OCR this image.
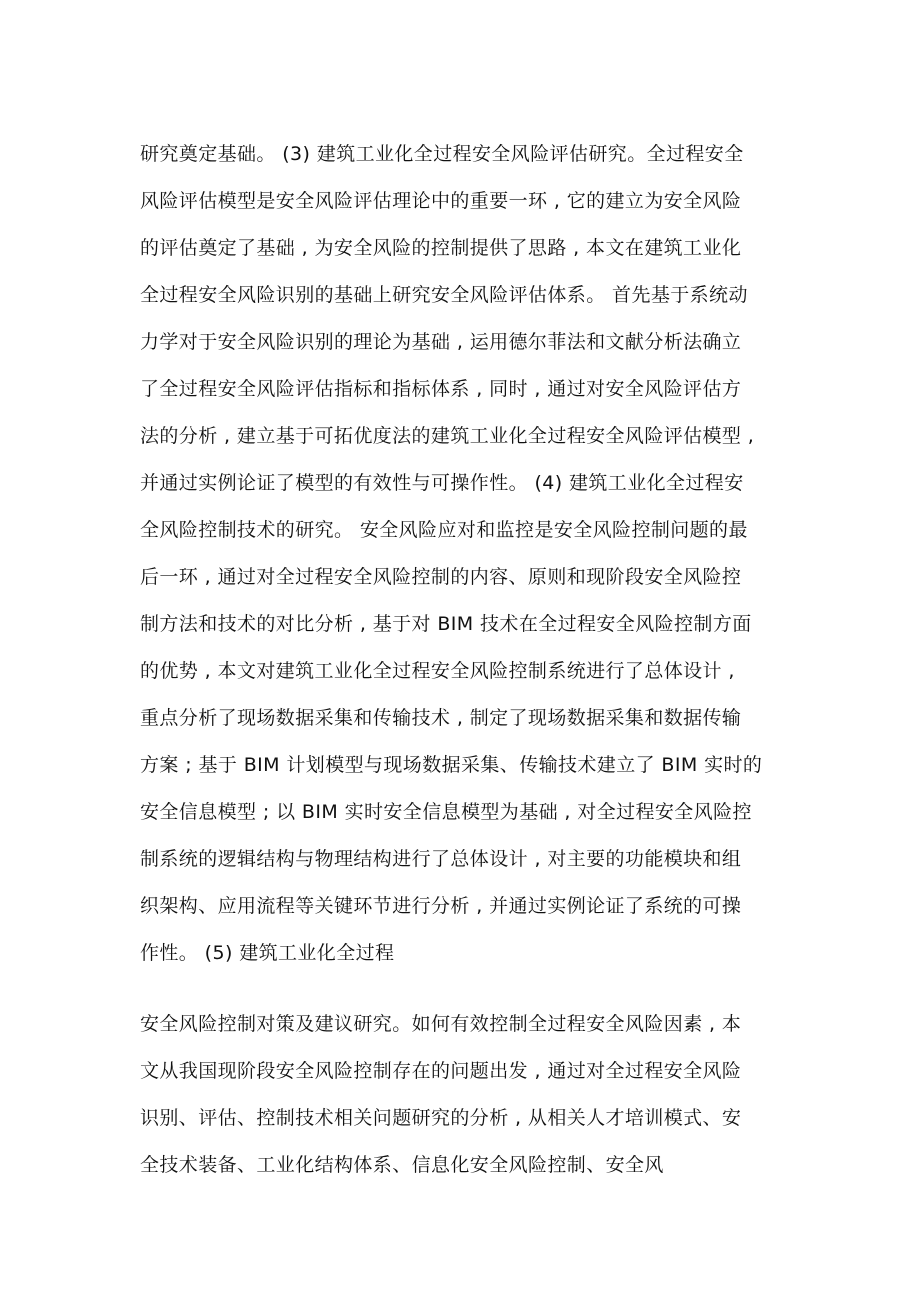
研究奠定基础。 (3) 建筑工业化全过程安全风险评估研究。全过程安全
风险评估模型是安全风险评估理论中的重要一环 , 它的建立为安全风险
的评估奠定了基础 , 为安全风险的控制提供了思路 , 本文在建筑工业化
全过程安全风险识别的基础上研究安全风险评估体系。 首先基于系统动
力学对于安全风险识别的理论为基础 , 运用德尔菲法和文献分析法确立
了全过程安全风险评估指标和指标体系 , 同时 , 通过对安全风险评估方
法的分析 , 建立基于可拓优度法的建筑工业化全过程安全风险评估模型 ,
并通过实例论证了模型的有效性与可操作性。 (4) 建筑工业化全过程安
全风险控制技术的研究。 安全风险应对和监控是安全风险控制问题的最
后一环 , 通过对全过程安全风险控制的内容、原则和现阶段安全风险控
制方法和技术的对比分析 , 基于对 BIM 技术在全过程安全风险控制方面
的优势 , 本文对建筑工业化全过程安全风险控制系统进行了总体设计 ,
重点分析了现场数据采集和传输技术 , 制定了现场数据采集和数据传输
方案 ; 基于 BIM 计划模型与现场数据采集、传输技术建立了 BIM 实时的
安全信息模型 ; 以 BIM 实时安全信息模型为基础 , 对全过程安全风险控
制系统的逻辑结构与物理结构进行了总体设计 , 对主要的功能模块和组
织架构、应用流程等关键环节进行分析 , 并通过实例论证了系统的可操
作性。 (5) 建筑工业化全过程
安全风险控制对策及建议研究。如何有效控制全过程安全风险因素 , 本
文从我国现阶段安全风险控制存在的问题出发 , 通过对全过程安全风险
识别、评估、控制技术相关问题研究的分析 , 从相关人才培训模式、安
全技术装备、工业化结构体系、信息化安全风险控制、安全风
